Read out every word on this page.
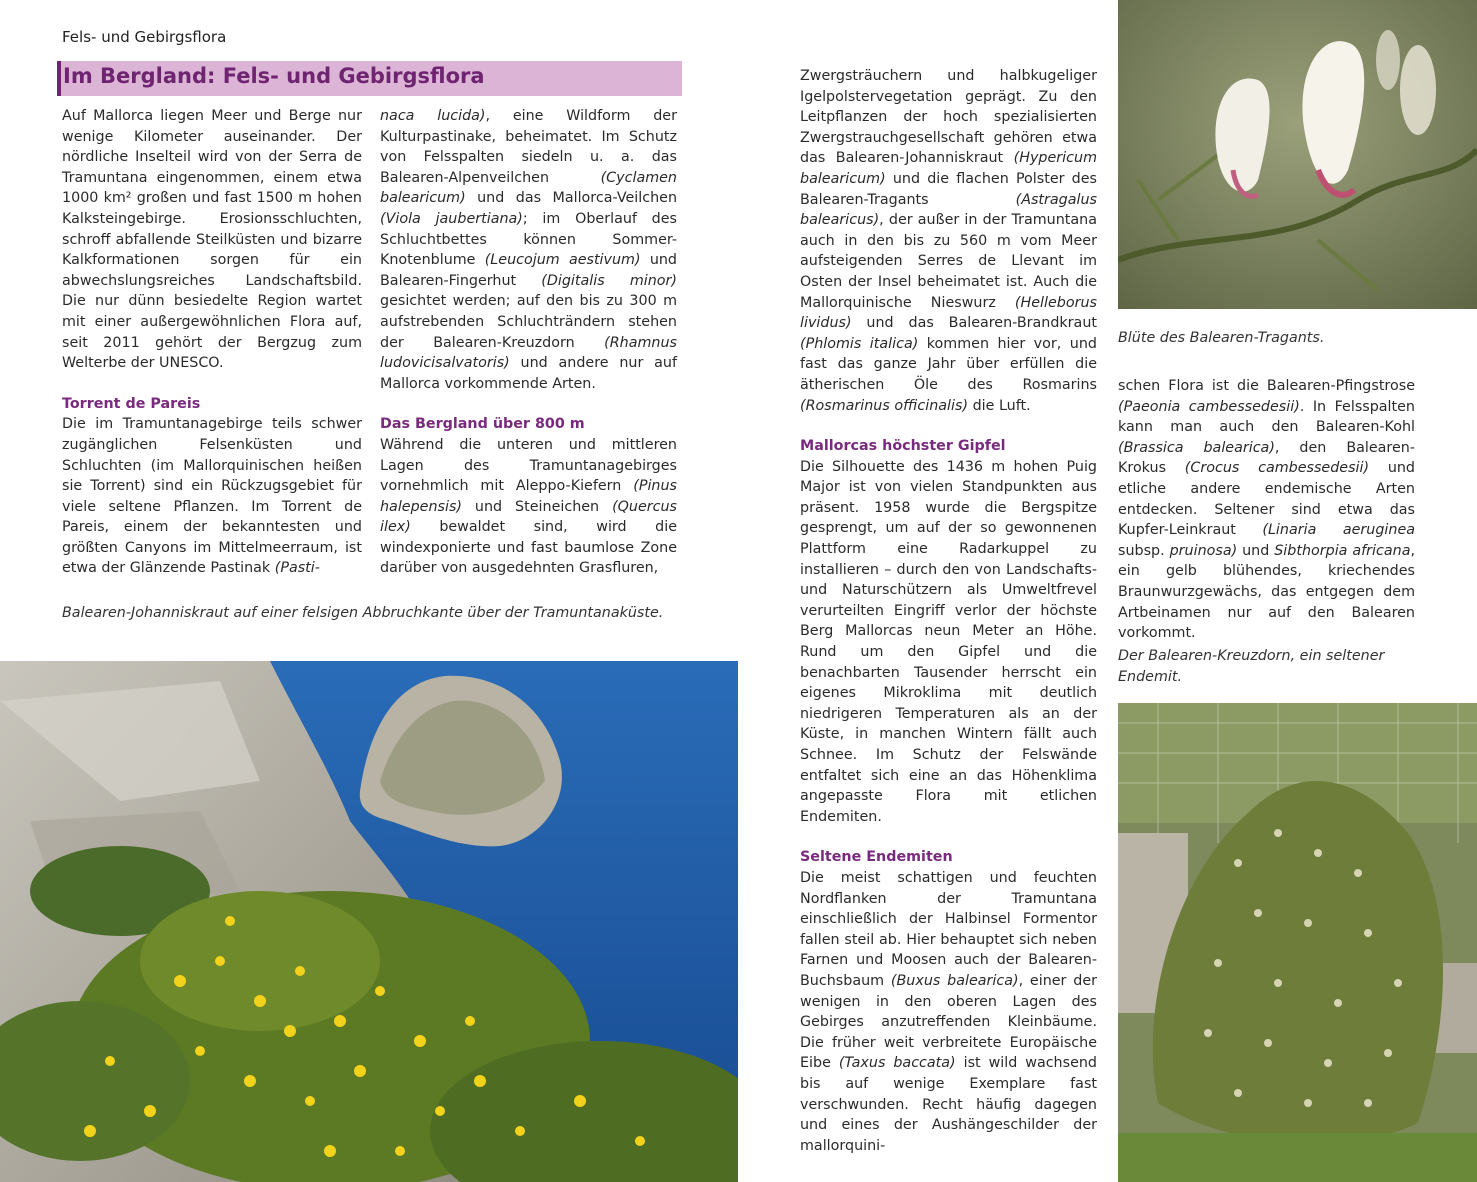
Fels- und Gebirgsflora
Im Bergland: Fels- und Gebirgsflora

Auf Mallorca liegen Meer und Berge nur wenige Kilometer auseinander. Der nördliche Inselteil wird von der Serra de Tramuntana eingenommen, einem etwa 1000 km² großen und fast 1500 m hohen Kalksteingebirge. Erosionsschluchten, schroff abfallende Steilküsten und bizarre Kalkformationen sorgen für ein abwechslungsreiches Landschaftsbild. Die nur dünn besiedelte Region wartet mit einer außergewöhnlichen Flora auf, seit 2011 gehört der Bergzug zum Welterbe der UNESCO.

Torrent de Pareis

Die im Tramuntanagebirge teils schwer zugänglichen Felsenküsten und Schluchten (im Mallorquinischen heißen sie Torrent) sind ein Rückzugsgebiet für viele seltene Pflanzen. Im Torrent de Pareis, einem der bekanntesten und größten Canyons im Mittelmeerraum, ist etwa der Glänzende Pastinak (Pasti-

naca lucida), eine Wildform der Kulturpastinake, beheimatet. Im Schutz von Felsspalten siedeln u. a. das Balearen-Alpenveilchen	(Cyclamen balearicum) und das Mallorca-Veilchen (Viola jaubertiana); im Oberlauf des Schluchtbettes können Sommer-Knotenblume (Leucojum aestivum) und Balearen-Fingerhut (Digitalis minor) gesichtet werden; auf den bis zu 300 m aufstrebenden Schluchträndern stehen der Balearen-Kreuzdorn (Rhamnus ludovicisalvatoris) und andere nur auf Mallorca vorkommende Arten.

Das Bergland über 800 m

Während die unteren und mittleren Lagen des Tramuntanagebirges vornehmlich mit Aleppo-Kiefern (Pinus halepensis) und Steineichen (Quercus ilex) bewaldet sind, wird die windexponierte und fast baumlose Zone darüber von ausgedehnten Grasfluren,

Balearen-Johanniskraut auf einer felsigen Abbruchkante über der Tramuntanaküste.

Zwergsträuchern und halbkugeliger Igelpolstervegetation geprägt. Zu den Leitpflanzen der hoch spezialisierten Zwergstrauchgesellschaft gehören etwa das Balearen-Johanniskraut (Hypericum balearicum) und die flachen Polster des Balearen-Tragants	(Astragalus balearicus), der außer in der Tramuntana auch in den bis zu 560 m vom Meer aufsteigenden Serres de Llevant im Osten der Insel beheimatet ist. Auch die Mallorquinische Nieswurz (Helleborus lividus) und das Balearen-Brandkraut (Phlomis italica) kommen hier vor, und fast das ganze Jahr über erfüllen die ätherischen Öle des Rosmarins (Rosmarinus officinalis) die Luft.

Mallorcas höchster Gipfel

Die Silhouette des 1436 m hohen Puig Major ist von vielen Standpunkten aus präsent. 1958 wurde die Bergspitze gesprengt, um auf der so gewonnenen Plattform eine Radarkuppel zu installieren – durch den von Landschafts- und Naturschützern als Umweltfrevel verurteilten Eingriff verlor der höchste Berg Mallorcas neun Meter an Höhe. Rund um den Gipfel und die benachbarten Tausender herrscht ein eigenes Mikroklima mit deutlich niedrigeren Temperaturen als an der Küste, in manchen Wintern fällt auch Schnee. Im Schutz der Felswände entfaltet sich eine an das Höhenklima angepasste Flora mit etlichen Endemiten.

Seltene Endemiten

Die meist schattigen und feuchten Nordflanken der Tramuntana einschließlich der Halbinsel Formentor fallen steil ab. Hier behauptet sich neben Farnen und Moosen auch der Balearen-Buchsbaum (Buxus balearica), einer der wenigen in den oberen Lagen des Gebirges anzutreffenden Kleinbäume. Die früher weit verbreitete Europäische Eibe (Taxus baccata) ist wild wachsend bis auf wenige Exemplare fast verschwunden. Recht häufig dagegen und eines der Aushängeschilder der mallorquini-

Blüte des Balearen-Tragants.

schen Flora ist die Balearen-Pfingstrose (Paeonia cambessedesii). In Felsspalten kann man auch den Balearen-Kohl (Brassica balearica), den Balearen-Krokus (Crocus cambessedesii) und etliche andere endemische Arten entdecken. Seltener sind etwa das Kupfer-Leinkraut (Linaria aeruginea subsp. pruinosa) und Sibthorpia africana, ein gelb blühendes, kriechendes Braunwurzgewächs, das entgegen dem Artbeinamen nur auf den Balearen vorkommt.

Der Balearen-Kreuzdorn, ein seltener Endemit.
